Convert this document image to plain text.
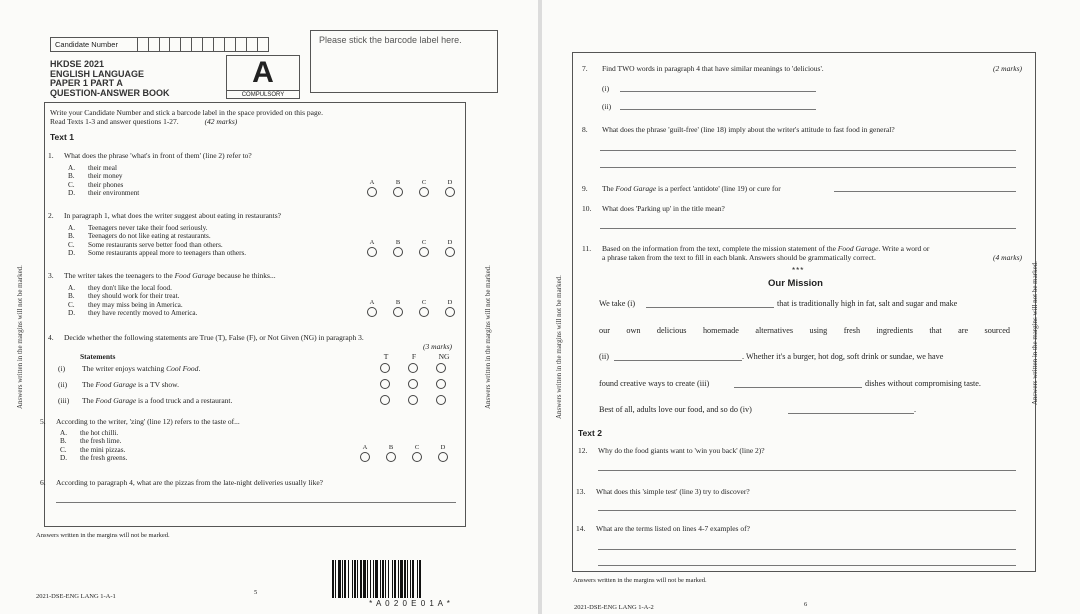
Candidate Number	Please stick the barcode label here.
HKDSE 2021
ENGLISH LANGUAGE
PAPER 1 PART A
QUESTION-ANSWER BOOK
A
COMPULSORY
Write your Candidate Number and stick a barcode label in the space provided on this page.
Read Texts 1-3 and answer questions 1-27.	(42 marks)
Text 1
1. What does the phrase 'what's in front of them' (line 2) refer to?
A.	their meal
B.	their money
C.	their phones
D.	their environment
A	B	C	D
2. In paragraph 1, what does the writer suggest about eating in restaurants?
A.	Teenagers never take their food seriously.
B.	Teenagers do not like eating at restaurants.
C.	Some restaurants serve better food than others.
D.	Some restaurants appeal more to teenagers than others.
A	B	C	D
3. The writer takes the teenagers to the Food Garage because he thinks...
A.	they don't like the local food.
B.	they should work for their treat.
C.	they may miss being in America.
D.	they have recently moved to America.
A	B	C	D
4. Decide whether the following statements are True (T), False (F), or Not Given (NG) in paragraph 3.
(3 marks)
Statements	T	F	NG
(i) The writer enjoys watching Cool Food.
(ii) The Food Garage is a TV show.
(iii) The Food Garage is a food truck and a restaurant.
5. According to the writer, 'zing' (line 12) refers to the taste of...
A.	the hot chilli.
B.	the fresh lime.
C.	the mini pizzas.
D.	the fresh greens.
A	B	C	D
6. According to paragraph 4, what are the pizzas from the late-night deliveries usually like?
Answers written in the margins will not be marked.
Answers written in the margins will not be marked.	Answers written in the margins will not be marked.
2021-DSE-ENG LANG 1-A-1
5
* A 0 2 0 E 0 1 A *
7. Find TWO words in paragraph 4 that have similar meanings to 'delicious'.	(2 marks)
(i)
(ii)
8. What does the phrase 'guilt-free' (line 18) imply about the writer's attitude to fast food in general?
9. The Food Garage is a perfect 'antidote' (line 19) or cure for
10. What does 'Parking up' in the title mean?
11. Based on the information from the text, complete the mission statement of the Food Garage. Write a word or
a phrase taken from the text to fill in each blank. Answers should be grammatically correct.	(4 marks)
***
Our Mission
We take (i)	that is traditionally high in fat, salt and sugar and make
our own delicious homemade alternatives using fresh ingredients that are sourced
(ii)	. Whether it's a burger, hot dog, soft drink or sundae, we have
found creative ways to create (iii)	dishes without compromising taste.
Best of all, adults love our food, and so do (iv)	.
Text 2
12. Why do the food giants want to 'win you back' (line 2)?
13. What does this 'simple test' (line 3) try to discover?
14. What are the terms listed on lines 4-7 examples of?
Answers written in the margins will not be marked.
Answers written in the margins will not be marked.	Answers written in the margins will not be marked.
2021-DSE-ENG LANG 1-A-2	6
